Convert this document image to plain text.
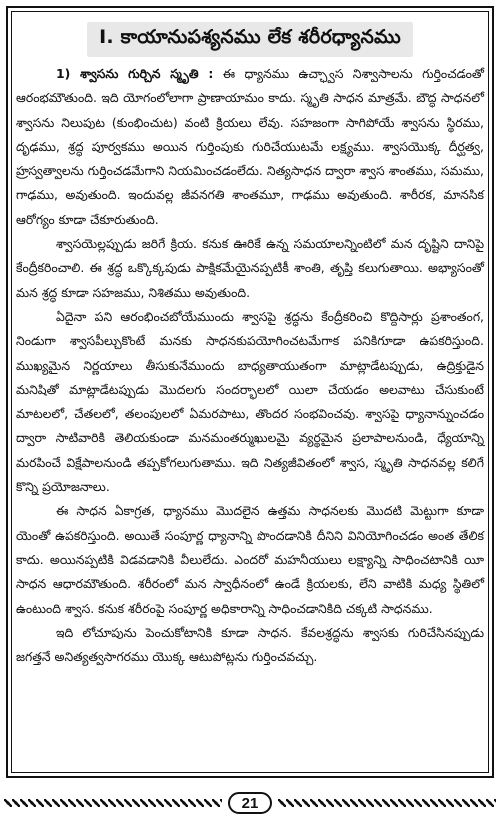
I. కాయానుపశ్యనము లేక శరీరధ్యానము

1) శ్వాసను గుర్చిన స్మృతి : ఈ ధ్యానము ఉచ్ఛ్వాస నిశ్వాసాలను గుర్తించడంతో ఆరంభమౌతుంది. ఇది యోగంలోలాగా ప్రాణాయామం కాదు. స్మృతి సాధన మాత్రమే. బౌద్ధ సాధనలో శ్వాసను నిలుపుట (కుంభించుట) వంటి క్రియలు లేవు. సహజంగా సాగిపోయే శ్వాసను స్థిరము, దృఢము, శ్రద్ధ పూర్వకము అయిన గుర్తింపుకు గురిచేయుటమే లక్ష్యము. శ్వాసయొక్క దీర్ఘత్వ, హ్రస్వత్వాలను గుర్తించడమేగాని నియమించడంలేదు. నిత్యసాధన ద్వారా శ్వాస శాంతము, సమము, గాఢము, అవుతుంది. ఇందువల్ల జీవనగతి శాంతమూ, గాఢము అవుతుంది. శారీరక, మానసిక ఆరోగ్యం కూడా చేకూరుతుంది.

శ్వాసయెల్లప్పుడు జరిగే క్రియ. కనుక ఊరికే ఉన్న సమయాలన్నింటిలో మన దృష్టిని దానిపై కేంద్రీకరించాలి. ఈ శ్రద్ధ ఒక్కొక్కపుడు పాక్షికమేయైనప్పటికీ శాంతి, తృప్తి కలుగుతాయి. అభ్యాసంతో మన శ్రద్ధ కూడా సహజము, నిశితము అవుతుంది.

ఏదైనా పని ఆరంభించబోయేముందు శ్వాసపై శ్రద్ధను కేంద్రీకరించి కొద్దిసార్లు ప్రశాంతంగ, నిండుగా శ్వాసపీల్చుకొంటే మనకు సాధనకుపయోగించటమేగాక పనికిగూడా ఉపకరిస్తుంది. ముఖ్యమైన నిర్ణయాలు తీసుకునేముందు బాధ్యతాయుతంగా మాట్లాడేటప్పుడు, ఉద్రిక్తుడైన మనిషితో మాట్లాడేటప్పుడు మొదలగు సందర్భాలలో యిలా చేయడం అలవాటు చేసుకుంటే మాటలలో, చేతలలో, తలంపులలో ఏమరపాటు, తొందర సంభవించవు. శ్వాసపై ధ్యానాన్నుంచడం ద్వారా సాటివారికి తెలియకుండా మనమంతర్ముఖులమై వ్యర్థమైన ప్రలాపాలనుండి, ధ్యేయాన్ని మరపించే విక్షేపాలనుండి తప్పకోగలుగుతాము. ఇది నిత్యజీవితంలో శ్వాస, స్మృతి సాధనవల్ల కలిగే కొన్ని ప్రయోజనాలు.

ఈ సాధన ఏకాగ్రత, ధ్యానము మొదలైన ఉత్తమ సాధనలకు మొదటి మెట్టుగా కూడా యెంతో ఉపకరిస్తుంది. అయితే సంపూర్ణ ధ్యానాన్ని పొందడానికి దీనిని వినియోగించడం అంత తేలిక కాదు. అయినప్పటికి విడవడానికి వీలులేదు. ఎందరో మహనీయులు లక్ష్యాన్ని సాధించటానికి యీ సాధన ఆధారమౌతుంది. శరీరంలో మన స్వాధీనంలో ఉండే క్రియలకు, లేని వాటికి మధ్య స్థితిలో ఉంటుంది శ్వాస. కనుక శరీరంపై సంపూర్ణ అధికారాన్ని సాధించడానికిది చక్కటి సాధనము.

ఇది లోచూపును పెంచుకోటానికి కూడా సాధన. కేవలశ్రద్ధను శ్వాసకు గురిచేసినప్పుడు జగత్తనే అనిత్యత్వసాగరము యొక్క ఆటుపోట్లను గుర్తించవచ్చు.

21
